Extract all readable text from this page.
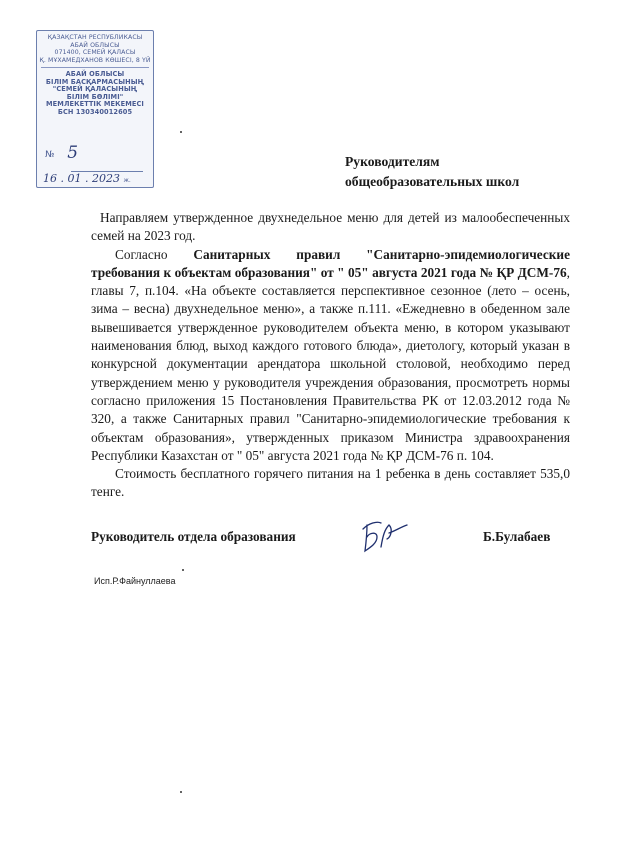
ҚАЗАҚСТАН РЕСПУБЛИКАСЫ
АБАЙ ОБЛЫСЫ
071400, СЕМЕЙ ҚАЛАСЫ
Қ. МҰХАМЕДХАНОВ КӨШЕСІ, 8 ҮЙ
АБАЙ ОБЛЫСЫ
БІЛІМ БАСҚАРМАСЫНЫҢ
"СЕМЕЙ ҚАЛАСЫНЫҢ
БІЛІМ БӨЛІМІ"
МЕМЛЕКЕТТІК МЕКЕМЕСІ
БСН 130340012605
№ 5
16 . 01 . 2023 ж.
Руководителям
общеобразовательных школ

Направляем утвержденное двухнедельное меню для детей из малообеспеченных семей на 2023 год.

Согласно Санитарных правил "Санитарно-эпидемиологические требования к объектам образования" от " 05" августа 2021 года № ҚР ДСМ-76, главы 7, п.104. «На объекте составляется перспективное сезонное (лето – осень, зима – весна) двухнедельное меню», а также п.111. «Ежедневно в обеденном зале вывешивается утвержденное руководителем объекта меню, в котором указывают наименования блюд, выход каждого готового блюда», диетологу, который указан в конкурсной документации арендатора школьной столовой, необходимо перед утверждением меню у руководителя учреждения образования, просмотреть нормы согласно приложения 15 Постановления Правительства РК от 12.03.2012 года № 320, а также Санитарных правил "Санитарно-эпидемиологические требования к объектам образования», утвержденных приказом Министра здравоохранения Республики Казахстан от " 05" августа 2021 года № ҚР ДСМ-76 п. 104.

Стоимость бесплатного горячего питания на 1 ребенка в день составляет 535,0 тенге.

Руководитель отдела образования	Б.Булабаев
Исп.Р.Файнуллаева
